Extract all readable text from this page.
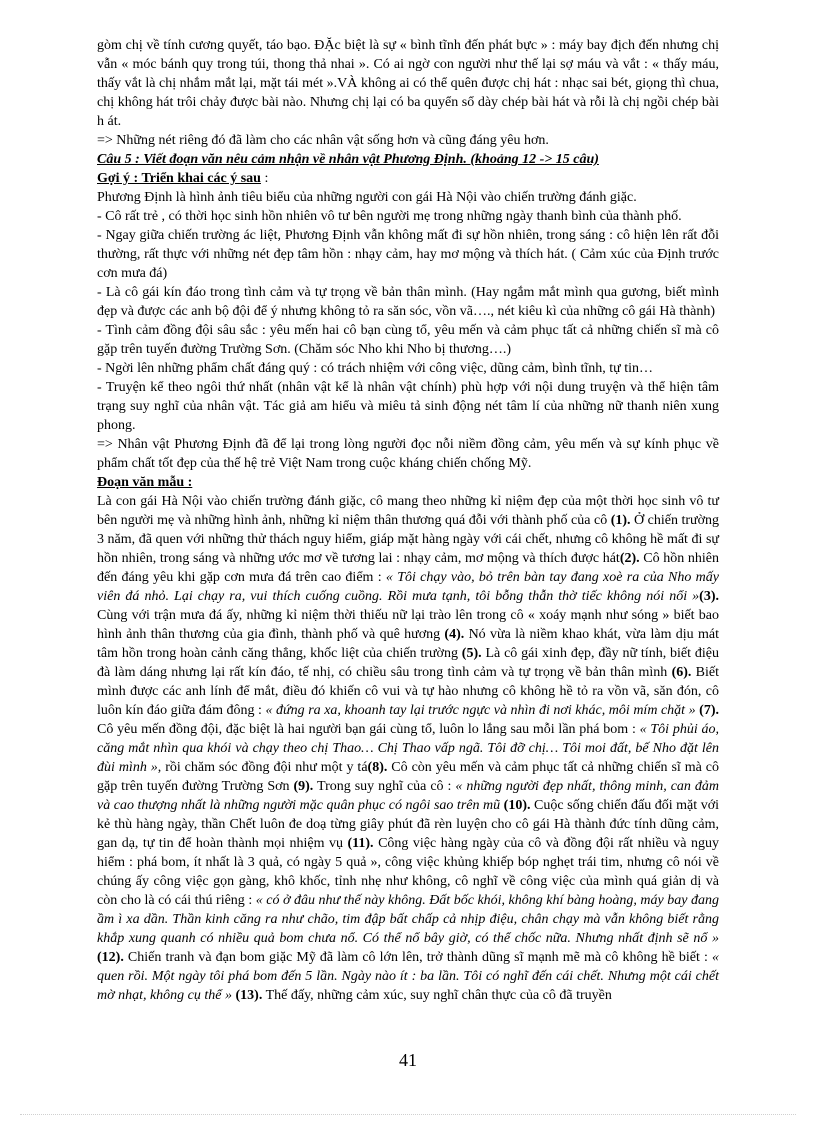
gòm chị về tính cương quyết, táo bạo. ĐẶc biệt là sự « bình tĩnh đến phát bực » : máy bay địch đến nhưng chị vẫn « móc bánh quy trong túi, thong thả nhai ». Có ai ngờ con người như thế lại sợ máu và vắt : « thấy máu, thấy vắt là chị nhắm mắt lại, mặt tái mét ».VÀ không ai có thể quên được chị hát : nhạc sai bét, giọng thì chua, chị không hát trôi chảy được bài nào. Nhưng chị lại có ba quyển sổ dày chép bài hát và rỗi là chị ngồi chép bài h át.

=> Những nét riêng đó đã làm cho các nhân vật sống hơn và cũng đáng yêu hơn.

Câu 5 : Viết đoạn văn nêu cảm nhận về nhân vật Phương Định. (khoảng 12 -> 15 câu)

Gợi ý : Triển khai các ý sau :

Phương Định là hình ảnh tiêu biểu của những người con gái Hà Nội vào chiến trường đánh giặc.

- Cô rất trẻ , có thời học sinh hồn nhiên vô tư bên người mẹ trong những ngày thanh bình của thành phố.

- Ngay giữa chiến trường ác liệt, Phương Định vẫn không mất đi sự hồn nhiên, trong sáng : cô hiện lên rất đỗi thường, rất thực với những nét đẹp tâm hồn : nhạy cảm, hay mơ mộng và thích hát. ( Cảm xúc của Định trước cơn mưa đá)

- Là cô gái kín đáo trong tình cảm và tự trọng về bản thân mình. (Hay ngắm mắt mình qua gương, biết mình đẹp và được các anh bộ đội để ý nhưng không tỏ ra săn sóc, vồn vã…., nét kiêu kì của những cô gái Hà thành)

- Tình cảm đồng đội sâu sắc : yêu mến hai cô bạn cùng tổ, yêu mến và cảm phục tất cả những chiến sĩ mà cô gặp trên tuyến đường Trường Sơn. (Chăm sóc Nho khi Nho bị thương….)

- Ngời lên những phẩm chất đáng quý : có trách nhiệm với công việc, dũng cảm, bình tĩnh, tự tin…

- Truyện kể theo ngôi thứ nhất (nhân vật kể là nhân vật chính) phù hợp với nội dung truyện và thể hiện tâm trạng suy nghĩ của nhân vật. Tác giả am hiểu và miêu tả sinh động nét tâm lí của những nữ thanh niên xung phong.

=> Nhân vật Phương Định đã để lại trong lòng người đọc nỗi niềm đồng cảm, yêu mến và sự kính phục về phẩm chất tốt đẹp của thế hệ trẻ Việt Nam trong cuộc kháng chiến chống Mỹ.

Đoạn văn mẫu :

Là con gái Hà Nội vào chiến trường đánh giặc, cô mang theo những kỉ niệm đẹp của một thời học sinh vô tư bên người mẹ và những hình ảnh, những kỉ niệm thân thương quá đỗi với thành phố của cô (1). Ở chiến trường 3 năm, đã quen với những thử thách nguy hiểm, giáp mặt hàng ngày với cái chết, nhưng cô không hề mất đi sự hồn nhiên, trong sáng và những ước mơ về tương lai : nhạy cảm, mơ mộng và thích được hát(2). Cô hồn nhiên đến đáng yêu khi gặp cơn mưa đá trên cao điểm : « Tôi chạy vào, bỏ trên bàn tay đang xoè ra của Nho mấy viên đá nhỏ. Lại chạy ra, vui thích cuống cuồng. Rồi mưa tạnh, tôi bỗng thẫn thờ tiếc không nói nổi »(3). Cùng với trận mưa đá ấy, những kỉ niệm thời thiếu nữ lại trào lên trong cô « xoáy mạnh như sóng » biết bao hình ảnh thân thương của gia đình, thành phố và quê hương (4). Nó vừa là niềm khao khát, vừa làm dịu mát tâm hồn trong hoàn cảnh căng thẳng, khốc liệt của chiến trường (5). Là cô gái xinh đẹp, đầy nữ tính, biết điệu đà làm dáng nhưng lại rất kín đáo, tế nhị, có chiều sâu trong tình cảm và tự trọng về bản thân mình (6). Biết mình được các anh lính để mắt, điều đó khiến cô vui và tự hào nhưng cô không hề tỏ ra vồn vã, săn đón, cô luôn kín đáo giữa đám đông : « đứng ra xa, khoanh tay lại trước ngực và nhìn đi nơi khác, môi mím chặt » (7). Cô yêu mến đồng đội, đặc biệt là hai người bạn gái cùng tổ, luôn lo lắng sau mỗi lần phá bom : « Tôi phủi áo, căng mắt nhìn qua khói và chạy theo chị Thao… Chị Thao vấp ngã. Tôi đỡ chị… Tôi moi đất, bế Nho đặt lên đùi mình », rồi chăm sóc đồng đội như một y tá(8). Cô còn yêu mến và cảm phục tất cả những chiến sĩ mà cô gặp trên tuyến đường Trường Sơn (9). Trong suy nghĩ của cô : « những người đẹp nhất, thông minh, can đảm và cao thượng nhất là những người mặc quân phục có ngôi sao trên mũ (10). Cuộc sống chiến đấu đối mặt với kẻ thù hàng ngày, thần Chết luôn đe doạ từng giây phút đã rèn luyện cho cô gái Hà thành đức tính dũng cảm, gan dạ, tự tin để hoàn thành mọi nhiệm vụ (11). Công việc hàng ngày của cô và đồng đội rất nhiều và nguy hiểm : phá bom, ít nhất là 3 quả, có ngày 5 quả », công việc khủng khiếp bóp nghẹt trái tim, nhưng cô nói về chúng ấy công việc gọn gàng, khô khốc, tỉnh nhẹ như không, cô nghĩ về công việc của mình quá giản dị và còn cho là có cái thú riêng : « có ở đâu như thế này không. Đất bốc khói, không khí bàng hoàng, máy bay đang ầm ì xa dần. Thần kinh căng ra như chão, tim đập bất chấp cả nhịp điệu, chân chạy mà vẫn không biết rằng khắp xung quanh có nhiều quả bom chưa nổ. Có thể nổ bây giờ, có thể chốc nữa. Nhưng nhất định sẽ nổ » (12). Chiến tranh và đạn bom giặc Mỹ đã làm cô lớn lên, trở thành dũng sĩ mạnh mẽ mà cô không hề biết : « quen rồi. Một ngày tôi phá bom đến 5 lần. Ngày nào ít : ba lần. Tôi có nghĩ đến cái chết. Nhưng một cái chết mờ nhạt, không cụ thể » (13). Thế đấy, những cảm xúc, suy nghĩ chân thực của cô đã truyền

41
